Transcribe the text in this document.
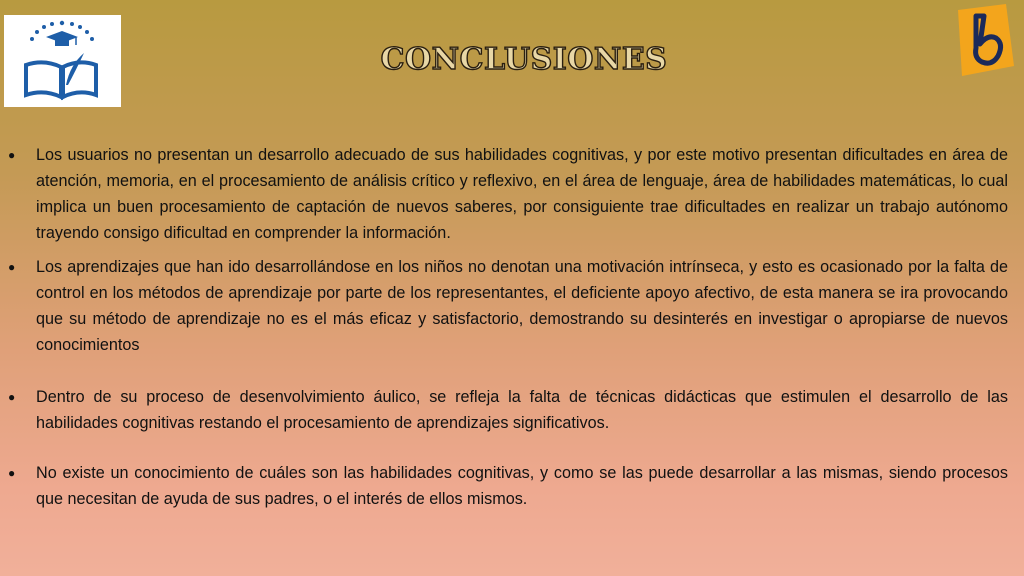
CONCLUSIONES
● Los usuarios no presentan un desarrollo adecuado de sus habilidades cognitivas, y por este motivo presentan dificultades en área de atención, memoria, en el procesamiento de análisis crítico y reflexivo, en el área de lenguaje, área de habilidades matemáticas, lo cual implica un buen procesamiento de captación de nuevos saberes, por consiguiente trae dificultades en realizar un trabajo autónomo trayendo consigo dificultad en comprender la información.
● Los aprendizajes que han ido desarrollándose en los niños no denotan una motivación intrínseca, y esto es ocasionado por la falta de control en los métodos de aprendizaje por parte de los representantes, el deficiente apoyo afectivo, de esta manera se ira provocando que su método de aprendizaje no es el más eficaz y satisfactorio, demostrando su desinterés en investigar o apropiarse de nuevos conocimientos
● Dentro de su proceso de desenvolvimiento áulico, se refleja la falta de técnicas didácticas que estimulen el desarrollo de las habilidades cognitivas restando el procesamiento de aprendizajes significativos.
● No existe un conocimiento de cuáles son las habilidades cognitivas, y como se las puede desarrollar a las mismas, siendo procesos que necesitan de ayuda de sus padres, o el interés de ellos mismos.
